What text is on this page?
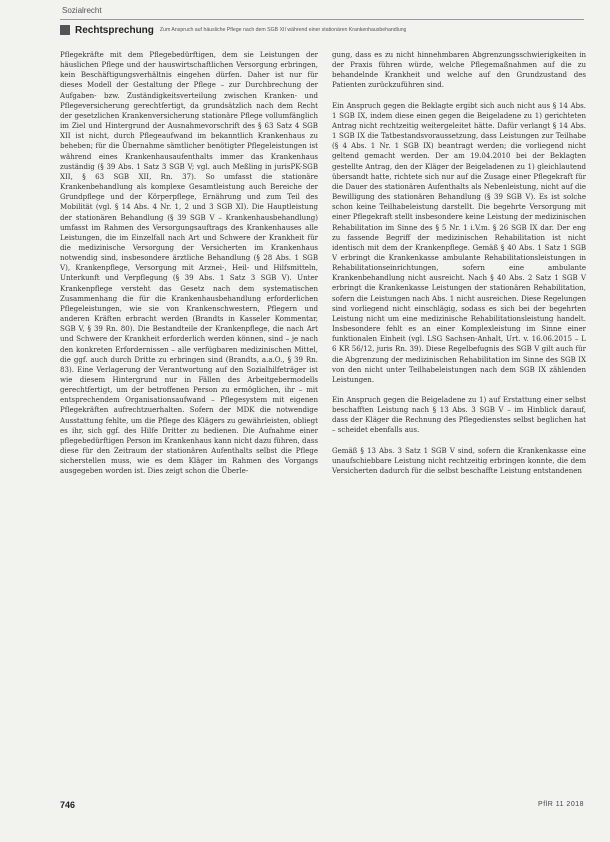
Sozialrecht
Rechtsprechung Zum Anspruch auf häusliche Pflege nach dem SGB XII während einer stationären Krankenhausbehandlung

Pflegekräfte mit dem Pflegebedürftigen, dem sie Leistungen der häuslichen Pflege und der hauswirtschaftlichen Versorgung erbringen, kein Beschäftigungsverhältnis eingehen dürfen. Daher ist nur für dieses Modell der Gestaltung der Pflege – zur Durchbrechung der Aufgaben- bzw. Zuständigkeitsverteilung zwischen Kranken- und Pflegeversicherung gerechtfertigt, da grundsätzlich nach dem Recht der gesetzlichen Krankenversicherung stationäre Pflege vollumfänglich im Ziel und Hintergrund der Ausnahmevorschrift des § 63 Satz 4 SGB XII ist nicht, durch Pflegeaufwand im bekanntlich Krankenhaus zu beheben; für die Übernahme sämtlicher benötigter Pflegeleistungen ist während eines Krankenhausaufenthalts immer das Krankenhaus zuständig (§ 39 Abs. 1 Satz 3 SGB V; vgl. auch Meßling in jurisPK-SGB XII, § 63 SGB XII, Rn. 37). So umfasst die stationäre Krankenbehandlung als komplexe Gesamtleistung auch Bereiche der Grundpflege und der Körperpflege, Ernährung und zum Teil des Mobilität (vgl. § 14 Abs. 4 Nr. 1, 2 und 3 SGB XI). Die Hauptleistung der stationären Behandlung (§ 39 SGB V – Krankenhausbehandlung) umfasst im Rahmen des Versorgungsauftrags des Krankenhauses alle Leistungen, die im Einzelfall nach Art und Schwere der Krankheit für die medizinische Versorgung der Versicherten im Krankenhaus notwendig sind, insbesondere ärztliche Behandlung (§ 28 Abs. 1 SGB V), Krankenpflege, Versorgung mit Arznei-, Heil- und Hilfsmitteln, Unterkunft und Verpflegung (§ 39 Abs. 1 Satz 3 SGB V). Unter Krankenpflege versteht das Gesetz nach dem systematischen Zusammenhang die für die Krankenhausbehandlung erforderlichen Pflegeleistungen, wie sie von Krankenschwestern, Pflegern und anderen Kräften erbracht werden (Brandts in Kasseler Kommentar, SGB V, § 39 Rn. 80). Die Bestandteile der Krankenpflege, die nach Art und Schwere der Krankheit erforderlich werden können, sind – je nach den konkreten Erfordernissen – alle verfügbaren medizinischen Mittel, die ggf. auch durch Dritte zu erbringen sind (Brandts, a.a.O., § 39 Rn. 83). Eine Verlagerung der Verantwortung auf den Sozialhilfeträger ist wie diesem Hintergrund nur in Fällen des Arbeitgebermodells gerechtfertigt, um der betroffenen Person zu ermöglichen, ihr – mit entsprechendem Organisationsaufwand – Pflegesystem mit eigenen Pflegekräften aufrechtzuerhalten. Sofern der MDK die notwendige Ausstattung fehlte, um die Pflege des Klägers zu gewährleisten, obliegt es ihr, sich ggf. des Hilfe Dritter zu bedienen. Die Aufnahme einer pflegebedürftigen Person im Krankenhaus kann nicht dazu führen, dass diese für den Zeitraum der stationären Aufenthalts selbst die Pflege sicherstellen muss, wie es dem Kläger im Rahmen des Vorgangs ausgegeben worden ist. Dies zeigt schon die Überle-

gung, dass es zu nicht hinnehmbaren Abgrenzungsschwierigkeiten in der Praxis führen würde, welche Pflegemaßnahmen auf die zu behandelnde Krankheit und welche auf den Grundzustand des Patienten zurückzuführen sind.

Ein Anspruch gegen die Beklagte ergibt sich auch nicht aus § 14 Abs. 1 SGB IX, indem diese einen gegen die Beigeladene zu 1) gerichteten Antrag nicht rechtzeitig weitergeleitet hätte. Dafür verlangt § 14 Abs. 1 SGB IX die Tatbestandsvoraussetzung, dass Leistungen zur Teilhabe (§ 4 Abs. 1 Nr. 1 SGB IX) beantragt werden; die vorliegend nicht geltend gemacht werden. Der am 19.04.2010 bei der Beklagten gestellte Antrag, den der Kläger der Beigeladenen zu 1) gleichlautend übersandt hatte, richtete sich nur auf die Zusage einer Pflegekraft für die Dauer des stationären Aufenthalts als Nebenleistung, nicht auf die Bewilligung des stationären Behandlung (§ 39 SGB V). Es ist solche schon keine Teilhabeleistung darstellt. Die begehrte Versorgung mit einer Pflegekraft stellt insbesondere keine Leistung der medizinischen Rehabilitation im Sinne des § 5 Nr. 1 i.V.m. § 26 SGB IX dar. Der eng zu fassende Begriff der medizinischen Rehabilitation ist nicht identisch mit dem der Krankenpflege. Gemäß § 40 Abs. 1 Satz 1 SGB V erbringt die Krankenkasse ambulante Rehabilitationsleistungen in Rehabilitationseinrichtungen, sofern eine ambulante Krankenbehandlung nicht ausreicht. Nach § 40 Abs. 2 Satz 1 SGB V erbringt die Krankenkasse Leistungen der stationären Rehabilitation, sofern die Leistungen nach Abs. 1 nicht ausreichen. Diese Regelungen sind vorliegend nicht einschlägig, sodass es sich bei der begehrten Leistung nicht um eine medizinische Rehabilitationsleistung handelt. Insbesondere fehlt es an einer Komplexleistung im Sinne einer funktionalen Einheit (vgl. LSG Sachsen-Anhalt, Urt. v. 16.06.2015 – L 6 KR 56/12, juris Rn. 39). Diese Regelbefugnis des SGB V gilt auch für die Abgrenzung der medizinischen Rehabilitation im Sinne des SGB IX von den nicht unter Teilhabeleistungen nach dem SGB IX zählenden Leistungen.

Ein Anspruch gegen die Beigeladene zu 1) auf Erstattung einer selbst beschafften Leistung nach § 13 Abs. 3 SGB V – im Hinblick darauf, dass der Kläger die Rechnung des Pflegedienstes selbst beglichen hat – scheidet ebenfalls aus.

Gemäß § 13 Abs. 3 Satz 1 SGB V sind, sofern die Krankenkasse eine unaufschiebbare Leistung nicht rechtzeitig erbringen konnte, die dem Versicherten dadurch für die selbst beschaffte Leistung entstandenen

746	PflR 11 2018
